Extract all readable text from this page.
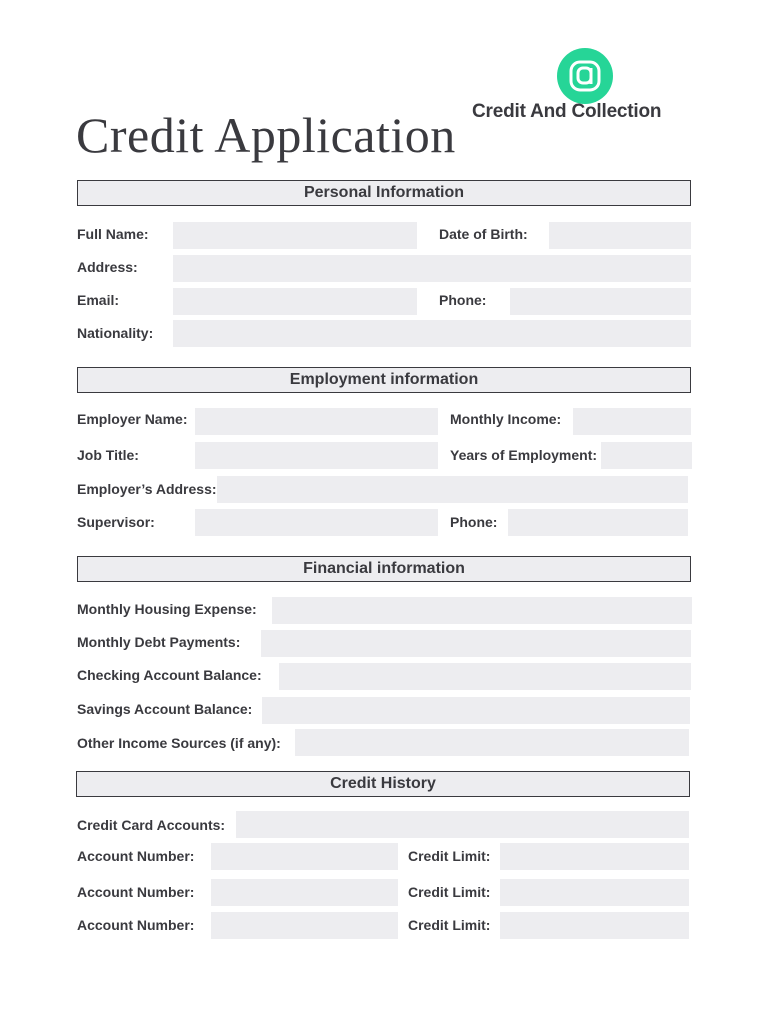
Credit Application Credit And Collection
Personal Information
Full Name:	Date of Birth:
Address:
Email:	Phone:
Nationality:
Employment information
Employer Name:	Monthly Income:
Job Title:	Years of Employment:
Employer’s Address:
Supervisor:	Phone:
Financial information
Monthly Housing Expense:
Monthly Debt Payments:
Checking Account Balance:
Savings Account Balance:
Other Income Sources (if any):
Credit History
Credit Card Accounts:
Account Number:	Credit Limit:
Account Number:	Credit Limit:
Account Number:	Credit Limit:
